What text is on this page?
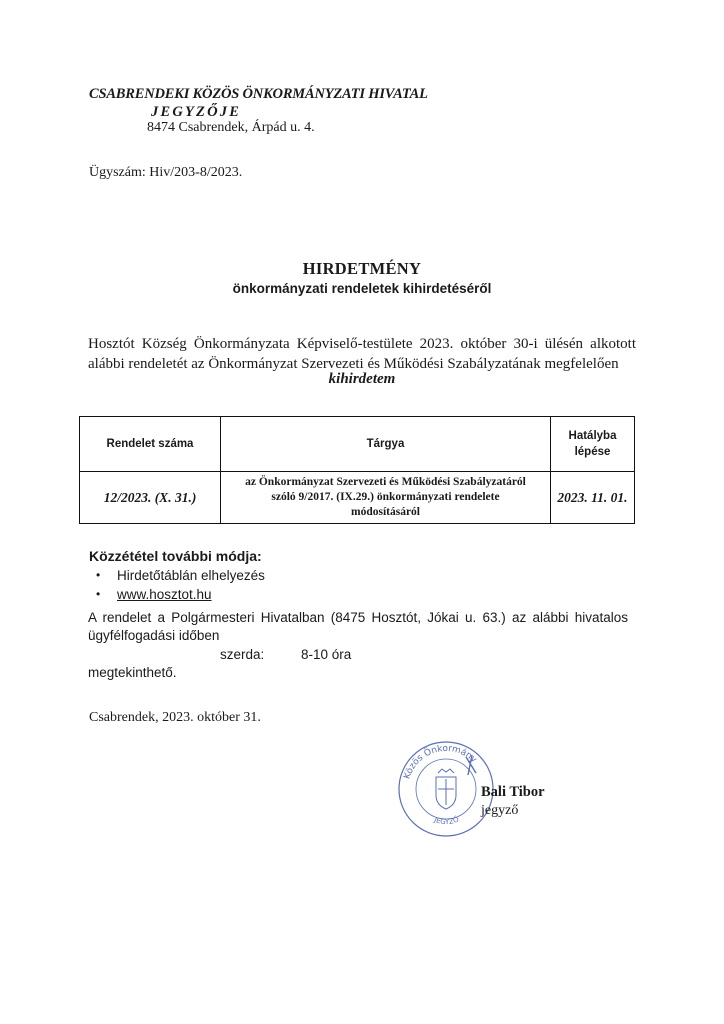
CSABRENDEKI KÖZÖS ÖNKORMÁNYZATI HIVATAL
JEGYZŐJE
8474 Csabrendek, Árpád u. 4.
Ügyszám: Hiv/203-8/2023.
HIRDETMÉNY
önkormányzati rendeletek kihirdetéséről
Hosztót Község Önkormányzata Képviselő-testülete 2023. október 30-i ülésén alkotott
alábbi rendeletét az Önkormányzat Szervezeti és Működési Szabályzatának megfelelően
kihirdetem
Rendelet száma	Tárgya	Hatályba
lépése
12/2023. (X. 31.)	az Önkormányzat Szervezeti és Működési Szabályzatáról
szóló 9/2017. (IX.29.) önkormányzati rendelete
módosításáról	2023. 11. 01.
Közzététel további módja:
• Hirdetőtáblán elhelyezés
• www.hosztot.hu
A rendelet a Polgármesteri Hivatalban (8475 Hosztót, Jókai u. 63.) az alábbi hivatalos
ügyfélfogadási időben
szerda:	8-10 óra
megtekinthető.
Csabrendek, 2023. október 31.
Közös Önkormány
JEGYZŐ
Bali Tibor
jegyző
